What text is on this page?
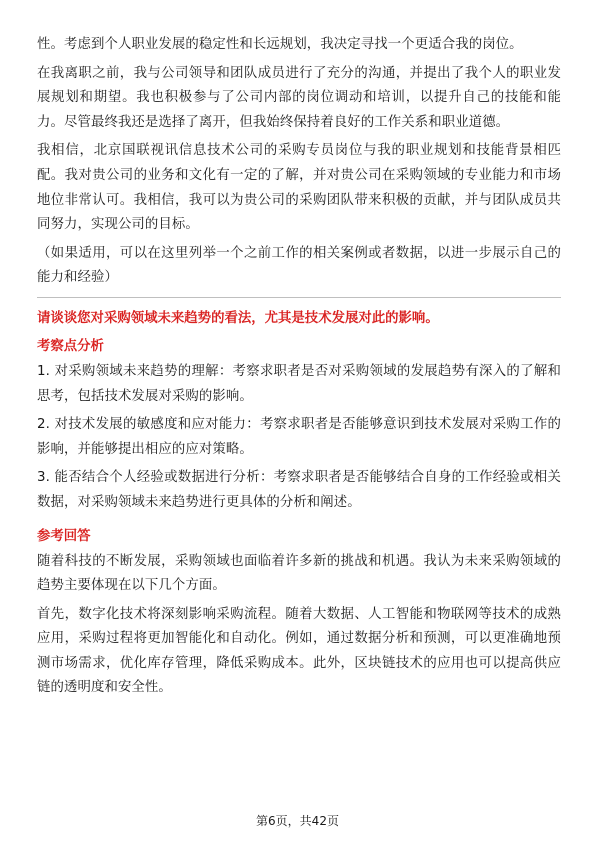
性。考虑到个人职业发展的稳定性和长远规划，我决定寻找一个更适合我的岗位。

在我离职之前，我与公司领导和团队成员进行了充分的沟通，并提出了我个人的职业发展规划和期望。我也积极参与了公司内部的岗位调动和培训，以提升自己的技能和能力。尽管最终我还是选择了离开，但我始终保持着良好的工作关系和职业道德。

我相信，北京国联视讯信息技术公司的采购专员岗位与我的职业规划和技能背景相匹配。我对贵公司的业务和文化有一定的了解，并对贵公司在采购领域的专业能力和市场地位非常认可。我相信，我可以为贵公司的采购团队带来积极的贡献，并与团队成员共同努力，实现公司的目标。

（如果适用，可以在这里列举一个之前工作的相关案例或者数据，以进一步展示自己的能力和经验）

请谈谈您对采购领域未来趋势的看法，尤其是技术发展对此的影响。

考察点分析

1. 对采购领域未来趋势的理解：考察求职者是否对采购领域的发展趋势有深入的了解和思考，包括技术发展对采购的影响。

2. 对技术发展的敏感度和应对能力：考察求职者是否能够意识到技术发展对采购工作的影响，并能够提出相应的应对策略。

3. 能否结合个人经验或数据进行分析：考察求职者是否能够结合自身的工作经验或相关数据，对采购领域未来趋势进行更具体的分析和阐述。

参考回答

随着科技的不断发展，采购领域也面临着许多新的挑战和机遇。我认为未来采购领域的趋势主要体现在以下几个方面。

首先，数字化技术将深刻影响采购流程。随着大数据、人工智能和物联网等技术的成熟应用，采购过程将更加智能化和自动化。例如，通过数据分析和预测，可以更准确地预测市场需求，优化库存管理，降低采购成本。此外，区块链技术的应用也可以提高供应链的透明度和安全性。

第6页，共42页
